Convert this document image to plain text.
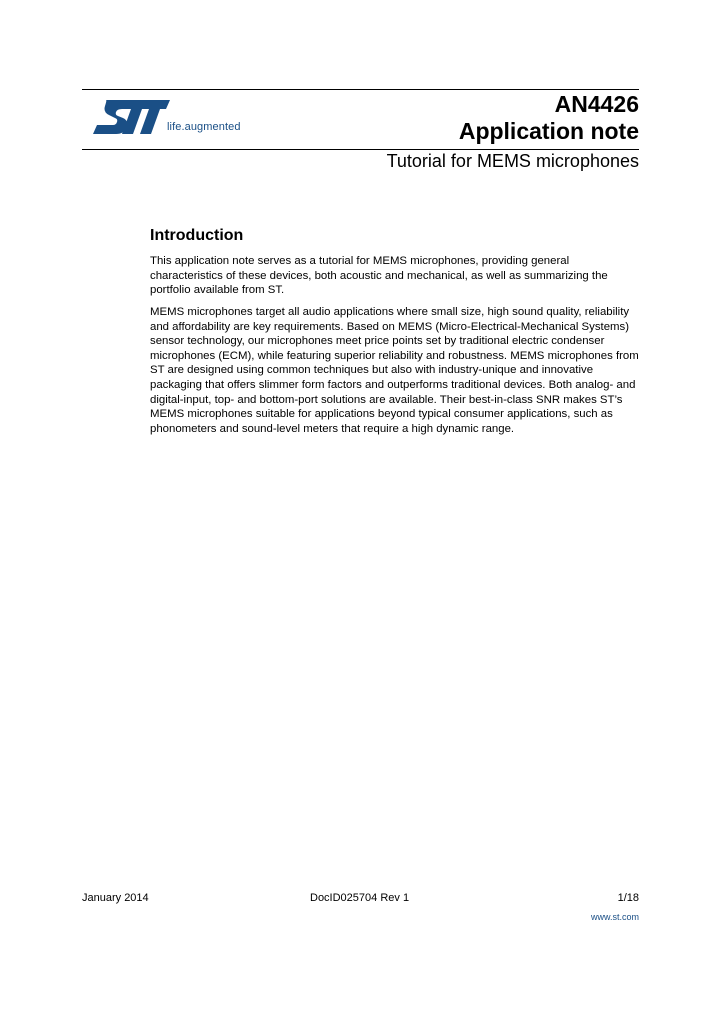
life.augmented
AN4426
Application note
Tutorial for MEMS microphones
Introduction

This application note serves as a tutorial for MEMS microphones, providing general characteristics of these devices, both acoustic and mechanical, as well as summarizing the portfolio available from ST.

MEMS microphones target all audio applications where small size, high sound quality, reliability and affordability are key requirements. Based on MEMS (Micro-Electrical-Mechanical Systems) sensor technology, our microphones meet price points set by traditional electric condenser microphones (ECM), while featuring superior reliability and robustness. MEMS microphones from ST are designed using common techniques but also with industry-unique and innovative packaging that offers slimmer form factors and outperforms traditional devices. Both analog- and digital-input, top- and bottom-port solutions are available. Their best-in-class SNR makes ST’s MEMS microphones suitable for applications beyond typical consumer applications, such as phonometers and sound-level meters that require a high dynamic range.

January 2014	DocID025704 Rev 1	1/18
www.st.com
